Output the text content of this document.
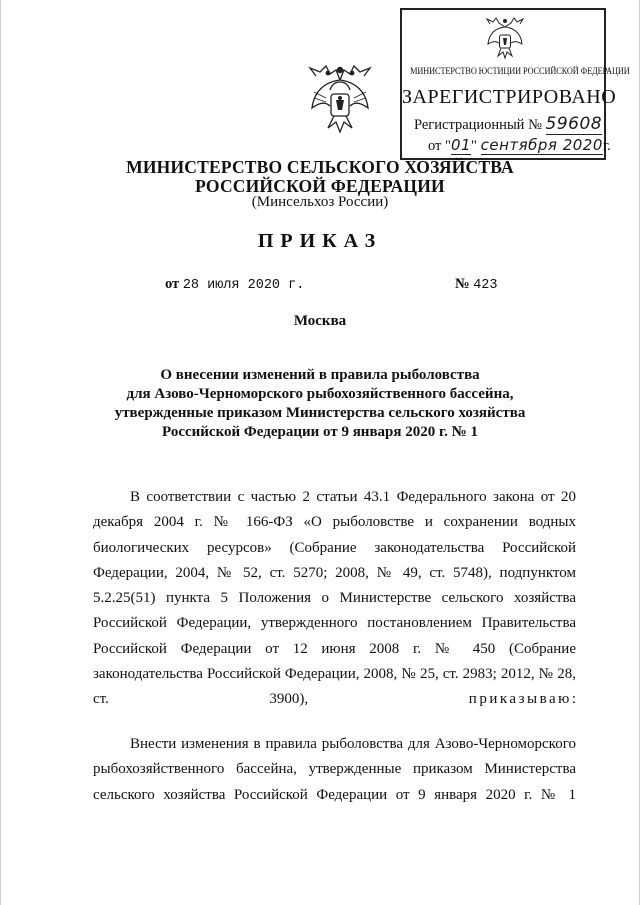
МИНИСТЕРСТВО ЮСТИЦИИ РОССИЙСКОЙ ФЕДЕРАЦИИ
ЗАРЕГИСТРИРОВАНО
Регистрационный № 59608
от "01" сентября 2020г.
МИНИСТЕРСТВО СЕЛЬСКОГО ХОЗЯЙСТВА
РОССИЙСКОЙ ФЕДЕРАЦИИ
(Минсельхоз России)
ПРИКАЗ
от 28 июля 2020 г.	№ 423
Москва
О внесении изменений в правила рыболовства
для Азово-Черноморского рыбохозяйственного бассейна,
утвержденные приказом Министерства сельского хозяйства
Российской Федерации от 9 января 2020 г. № 1
В соответствии с частью 2 статьи 43.1 Федерального закона от 20 декабря 2004 г. № 166-ФЗ «О рыболовстве и сохранении водных биологических ресурсов» (Собрание законодательства Российской Федерации, 2004, № 52, ст. 5270; 2008, № 49, ст. 5748), подпунктом 5.2.25(51) пункта 5 Положения о Министерстве сельского хозяйства Российской Федерации, утвержденного постановлением Правительства Российской Федерации от 12 июня 2008 г. № 450 (Собрание законодательства Российской Федерации, 2008, № 25, ст. 2983; 2012, № 28, ст. 3900), приказываю:
Внести изменения в правила рыболовства для Азово-Черноморского рыбохозяйственного бассейна, утвержденные приказом Министерства сельского хозяйства Российской Федерации от 9 января 2020 г. № 1
